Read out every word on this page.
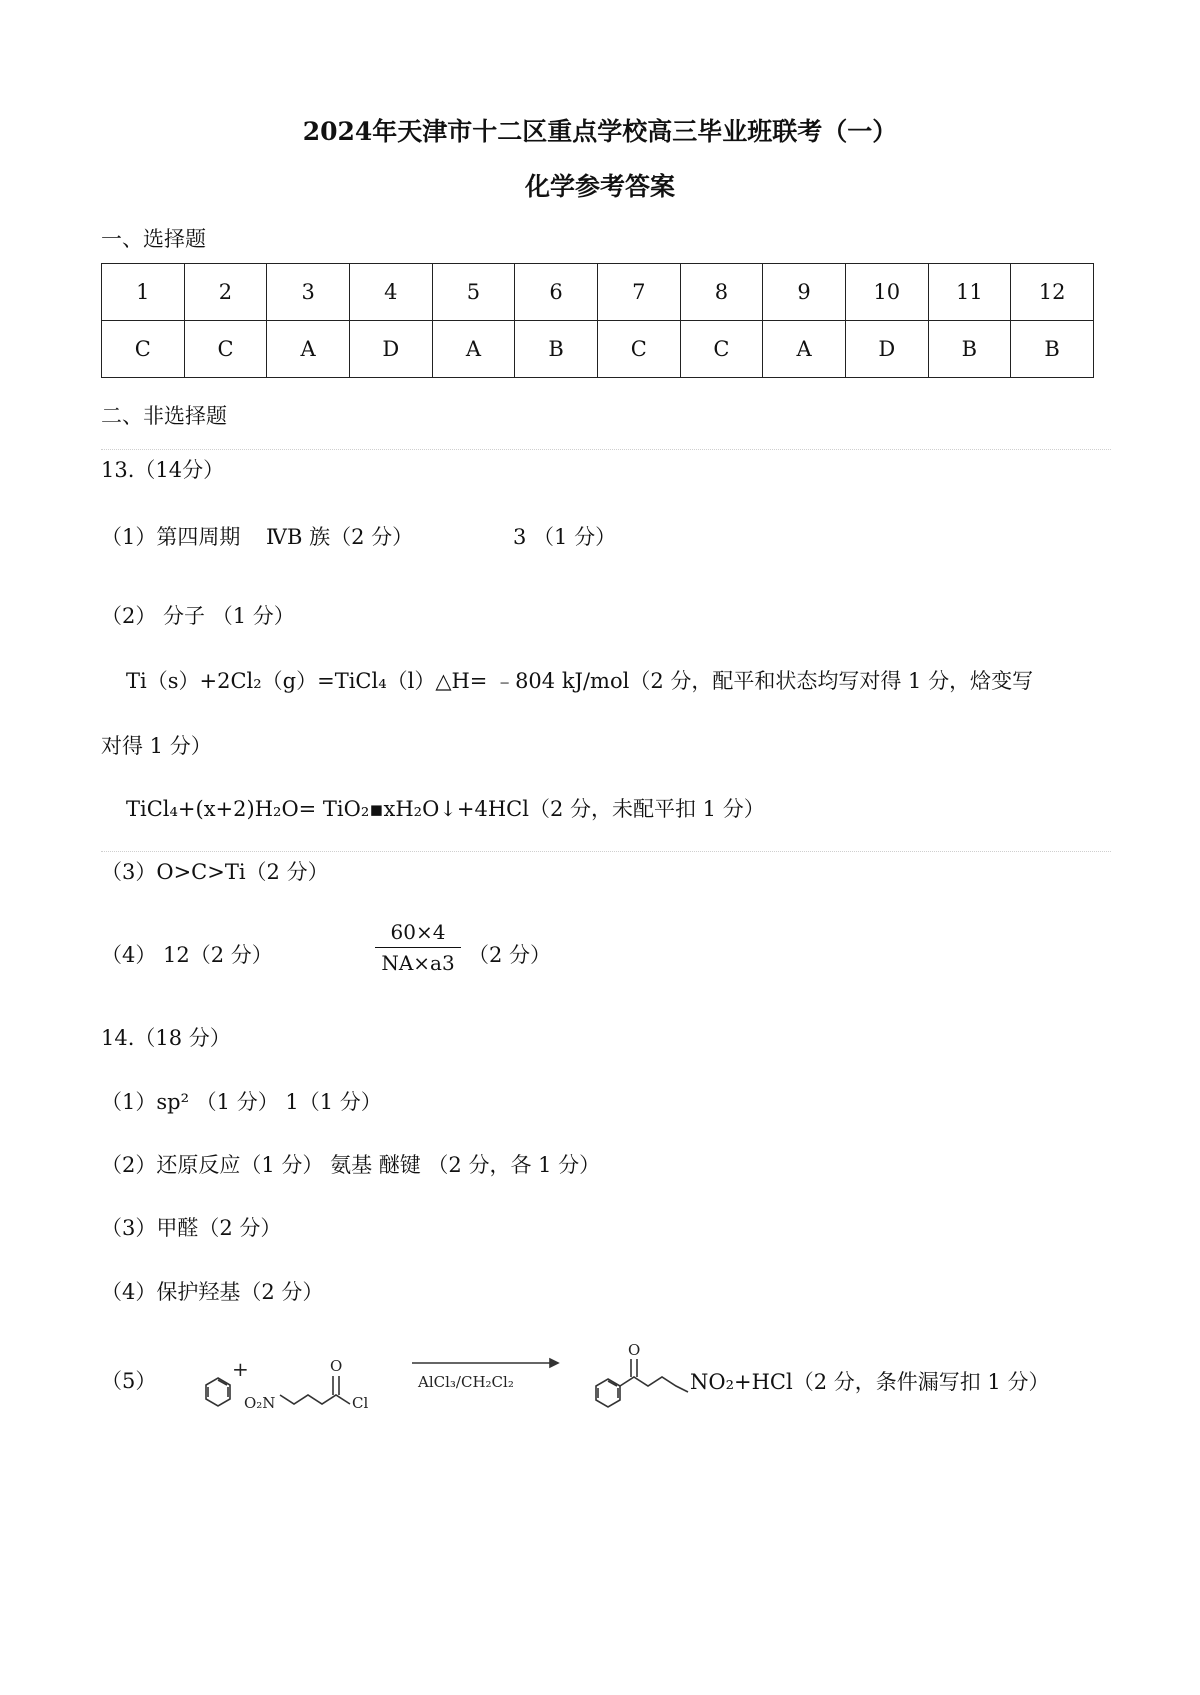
2024年天津市十二区重点学校高三毕业班联考（一）
化学参考答案
一、选择题
1	2	3	4	5	6	7	8	9	10	11	12
C	C	A	D	A	B	C	C	A	D	B	B
二、非选择题
13.（14分）
（1）第四周期 ⅣB 族（2 分）	3 （1 分）
（2） 分子 （1 分）
Ti（s）+2Cl₂（g）=TiCl₄（l）△H= ﹣804 kJ/mol（2 分，配平和状态均写对得 1 分，焓变写
对得 1 分）
TiCl₄+(x+2)H₂O= TiO₂▪xH₂O↓+4HCl（2 分，未配平扣 1 分）
（3）O>C>Ti（2 分）
（4） 12（2 分）	$\frac{60\times 4}{NA\times a3} (2$ 分）
14.（18 分）
（1）sp² （1 分） 1（1 分）
（2）还原反应（1 分） 氨基 醚键 （2 分，各 1 分）
（3）甲醛（2 分）
（4）保护羟基（2 分）
（5）	+
O₂N
O
Cl
AlCl₃/CH₂Cl₂
O
NO₂+HCl（2 分，条件漏写扣 1 分）
